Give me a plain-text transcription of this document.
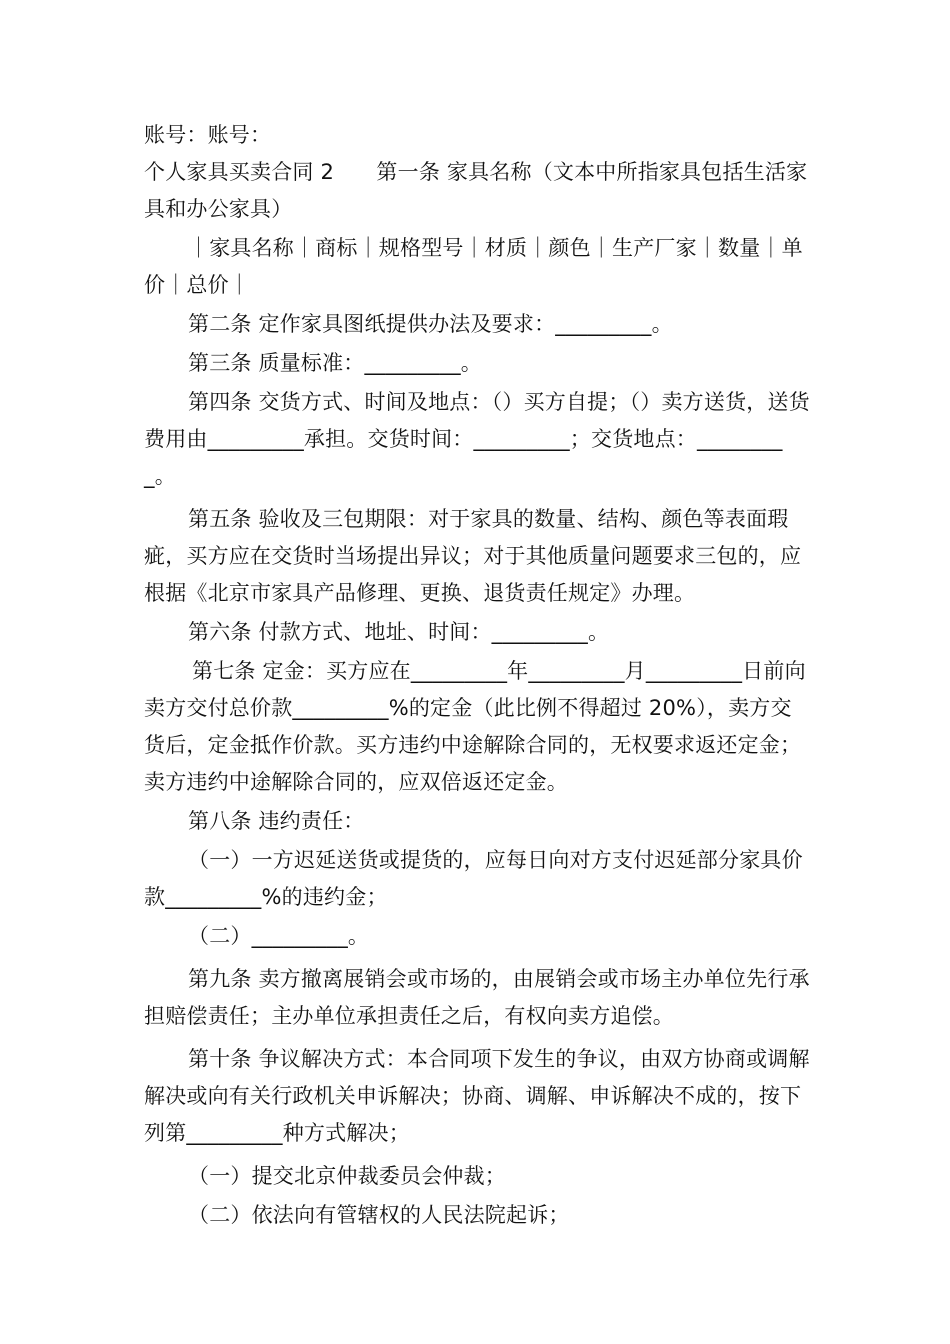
账号：账号：

个人家具买卖合同 2　　第一条 家具名称（文本中所指家具包括生活家具和办公家具）

｜家具名称｜商标｜规格型号｜材质｜颜色｜生产厂家｜数量｜单价｜总价｜

第二条 定作家具图纸提供办法及要求：_________。

第三条 质量标准：_________。

第四条 交货方式、时间及地点：（）买方自提；（）卖方送货，送货费用由_________承担。交货时间：_________；交货地点：_________。

第五条 验收及三包期限：对于家具的数量、结构、颜色等表面瑕疵，买方应在交货时当场提出异议；对于其他质量问题要求三包的，应根据《北京市家具产品修理、更换、退货责任规定》办理。

第六条 付款方式、地址、时间：_________。

第七条 定金：买方应在_________年_________月_________日前向卖方交付总价款_________%的定金（此比例不得超过 20%），卖方交货后，定金抵作价款。买方违约中途解除合同的，无权要求返还定金；卖方违约中途解除合同的，应双倍返还定金。

第八条 违约责任：

（一）一方迟延送货或提货的，应每日向对方支付迟延部分家具价款_________%的违约金；

（二）_________。

第九条 卖方撤离展销会或市场的，由展销会或市场主办单位先行承担赔偿责任；主办单位承担责任之后，有权向卖方追偿。

第十条 争议解决方式：本合同项下发生的争议，由双方协商或调解解决或向有关行政机关申诉解决；协商、调解、申诉解决不成的，按下列第_________种方式解决；

（一）提交北京仲裁委员会仲裁；

（二）依法向有管辖权的人民法院起诉；
